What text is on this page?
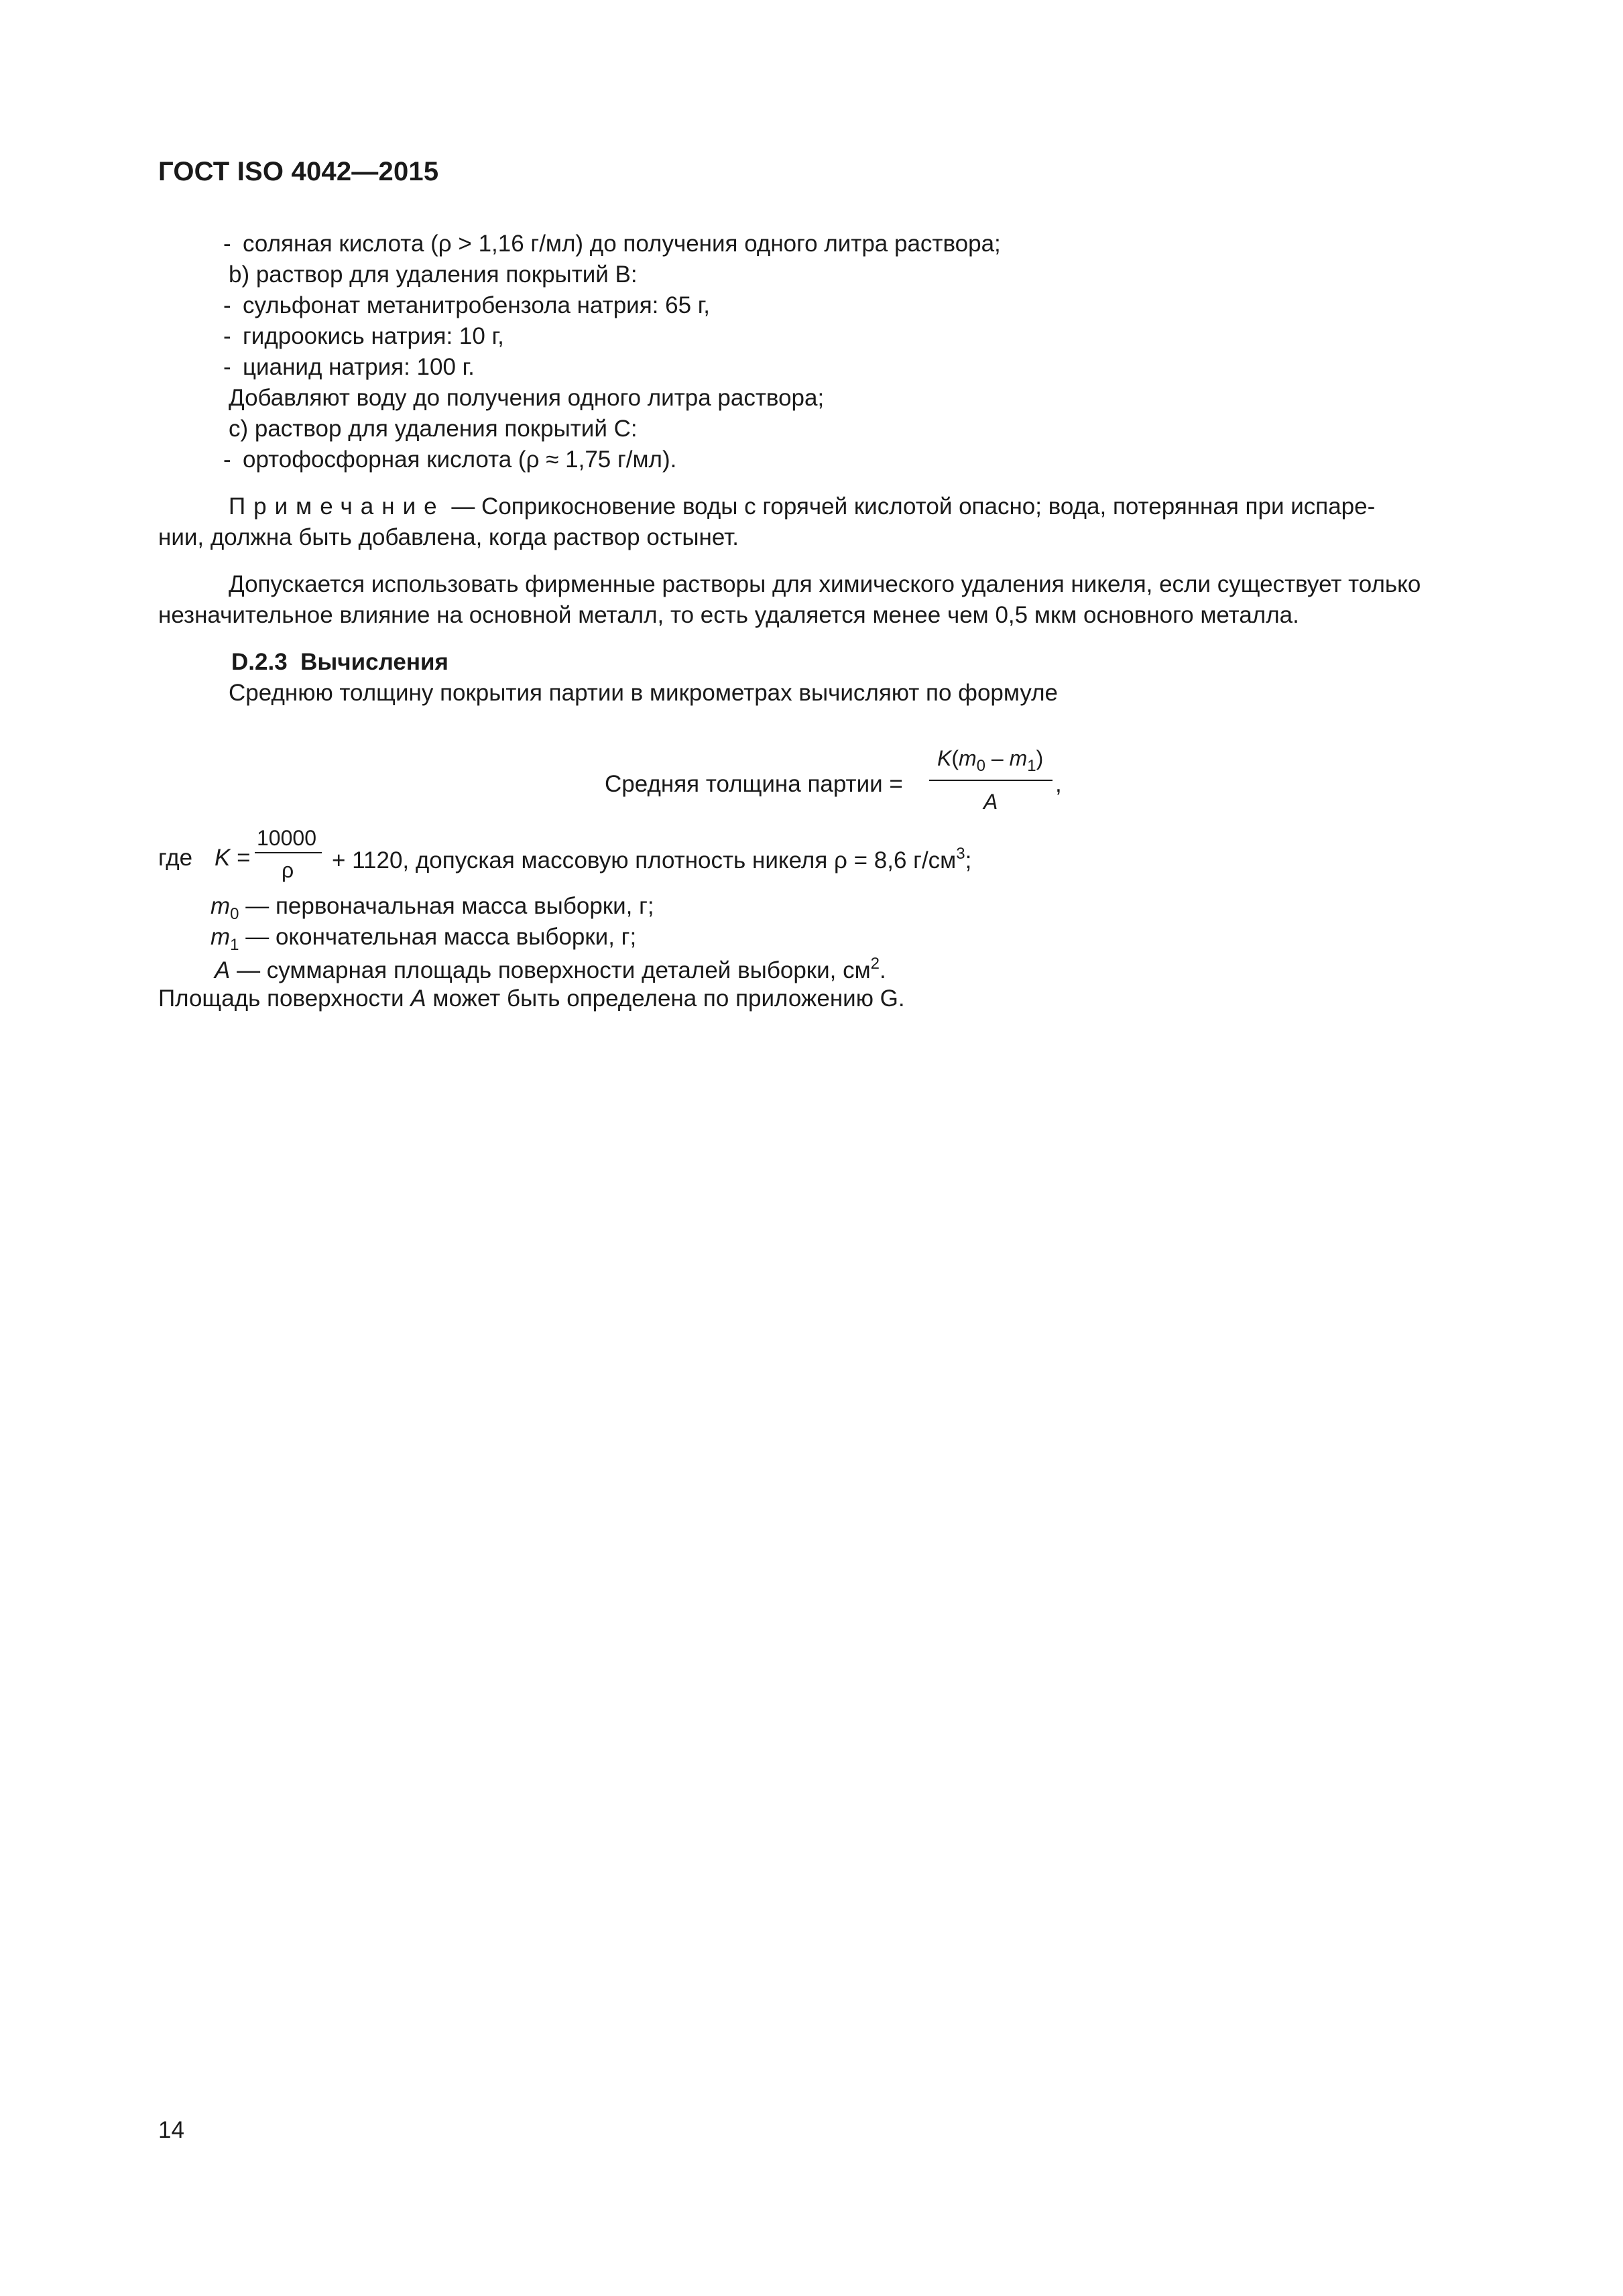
ГОСТ ISO 4042—2015
- соляная кислота (ρ > 1,16 г/мл) до получения одного литра раствора;
b) раствор для удаления покрытий В:
- сульфонат метанитробензола натрия: 65 г,
- гидроокись натрия: 10 г,
- цианид натрия: 100 г.
Добавляют воду до получения одного литра раствора;
c) раствор для удаления покрытий С:
- ортофосфорная кислота (ρ ≈ 1,75 г/мл).
Примечание — Соприкосновение воды с горячей кислотой опасно; вода, потерянная при испаре-
нии, должна быть добавлена, когда раствор остынет.
Допускается использовать фирменные растворы для химического удаления никеля, если существует только
незначительное влияние на основной металл, то есть удаляется менее чем 0,5 мкм основного металла.
D.2.3 Вычисления
Среднюю толщину покрытия партии в микрометрах вычисляют по формуле
Средняя толщина партии =
$K(m_0 - m_1)$
A
,
где K =
10000
ρ + 1120, допуская массовую плотность никеля ρ = 8,6 $г/см^3$;
$m_0$ — первоначальная масса выборки, г;
$m_1$ — окончательная масса выборки, г;
A — суммарная площадь поверхности деталей выборки, $см^2$.
Площадь поверхности A может быть определена по приложению G.
14
